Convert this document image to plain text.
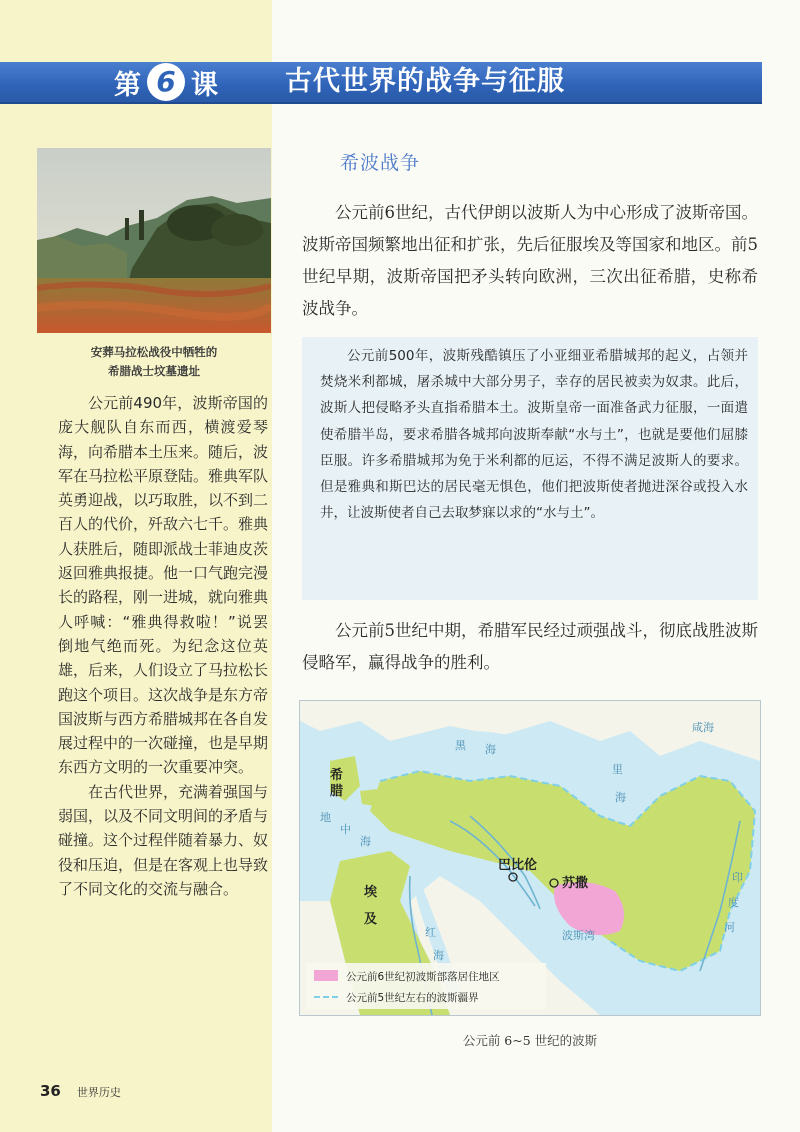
第 6 课 古代世界的战争与征服
安葬马拉松战役中牺牲的
希腊战士坟墓遗址

公元前490年，波斯帝国的庞大舰队自东而西，横渡爱琴海，向希腊本土压来。随后，波军在马拉松平原登陆。雅典军队英勇迎战，以巧取胜，以不到二百人的代价，歼敌六七千。雅典人获胜后，随即派战士菲迪皮茨返回雅典报捷。他一口气跑完漫长的路程，刚一进城，就向雅典人呼喊：“雅典得救啦！”说罢倒地气绝而死。为纪念这位英雄，后来，人们设立了马拉松长跑这个项目。这次战争是东方帝国波斯与西方希腊城邦在各自发展过程中的一次碰撞，也是早期东西方文明的一次重要冲突。

在古代世界，充满着强国与弱国，以及不同文明间的矛盾与碰撞。这个过程伴随着暴力、奴役和压迫，但是在客观上也导致了不同文化的交流与融合。

希波战争

公元前6世纪，古代伊朗以波斯人为中心形成了波斯帝国。波斯帝国频繁地出征和扩张，先后征服埃及等国家和地区。前5世纪早期，波斯帝国把矛头转向欧洲，三次出征希腊，史称希波战争。

公元前500年，波斯残酷镇压了小亚细亚希腊城邦的起义，占领并焚烧米利都城，屠杀城中大部分男子，幸存的居民被卖为奴隶。此后，波斯人把侵略矛头直指希腊本土。波斯皇帝一面准备武力征服，一面遣使希腊半岛，要求希腊各城邦向波斯奉献“水与土”，也就是要他们屈膝臣服。许多希腊城邦为免于米利都的厄运，不得不满足波斯人的要求。但是雅典和斯巴达的居民毫无惧色，他们把波斯使者抛进深谷或投入水井，让波斯使者自己去取梦寐以求的“水与土”。

公元前5世纪中期，希腊军民经过顽强战斗，彻底战胜波斯侵略军，赢得战争的胜利。

希
腊
巴比伦
苏撒
埃
及
黑 海
里
海
地
中
海
红
海
波斯湾
印
度
河
咸海
公元前6世纪初波斯部落居住地区
公元前5世纪左右的波斯疆界
公元前 6~5 世纪的波斯
36 世界历史
